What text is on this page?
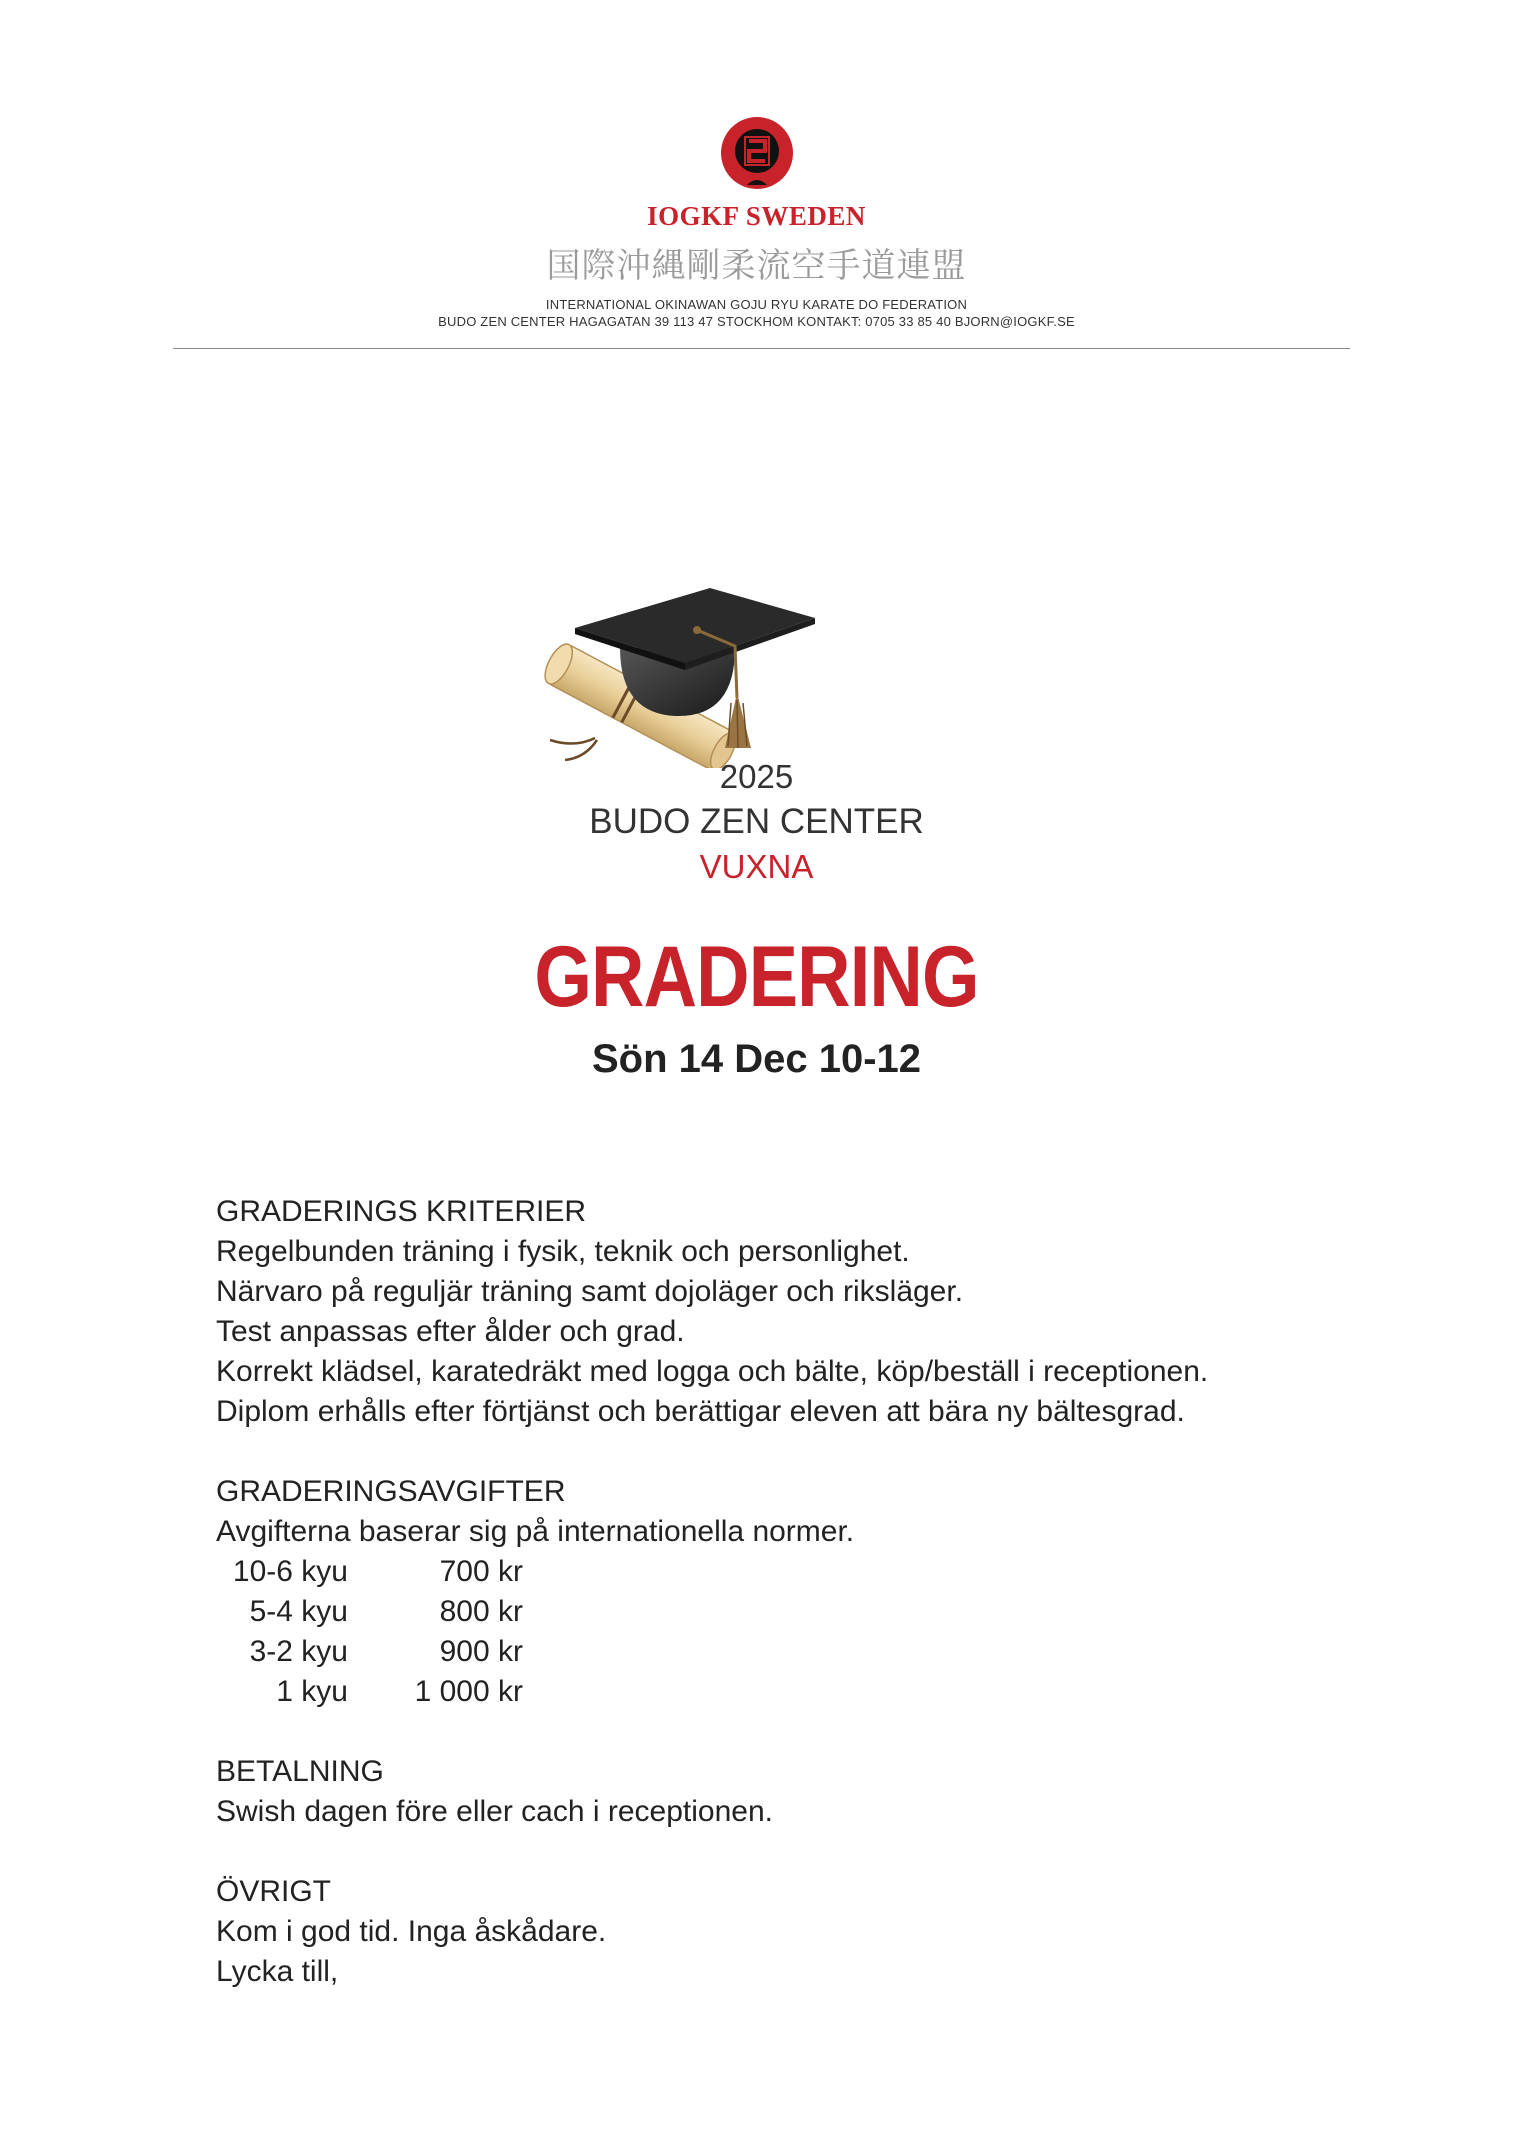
IOGKF SWEDEN
国際沖縄剛柔流空手道連盟
INTERNATIONAL OKINAWAN GOJU RYU KARATE DO FEDERATION
BUDO ZEN CENTER HAGAGATAN 39 113 47 STOCKHOM KONTAKT: 0705 33 85 40 BJORN@IOGKF.SE
2025
BUDO ZEN CENTER
VUXNA
GRADERING
Sön 14 Dec 10-12

GRADERINGS KRITERIER

Regelbunden träning i fysik, teknik och personlighet.

Närvaro på reguljär träning samt dojoläger och riksläger.

Test anpassas efter ålder och grad.

Korrekt klädsel, karatedräkt med logga och bälte, köp/beställ i receptionen.

Diplom erhålls efter förtjänst och berättigar eleven att bära ny bältesgrad.

GRADERINGSAVGIFTER

Avgifterna baserar sig på internationella normer.

10-6 kyu	700 kr
5-4 kyu	800 kr
3-2 kyu	900 kr
1 kyu	1 000 kr

BETALNING

Swish dagen före eller cach i receptionen.

ÖVRIGT

Kom i god tid. Inga åskådare.

Lycka till,
